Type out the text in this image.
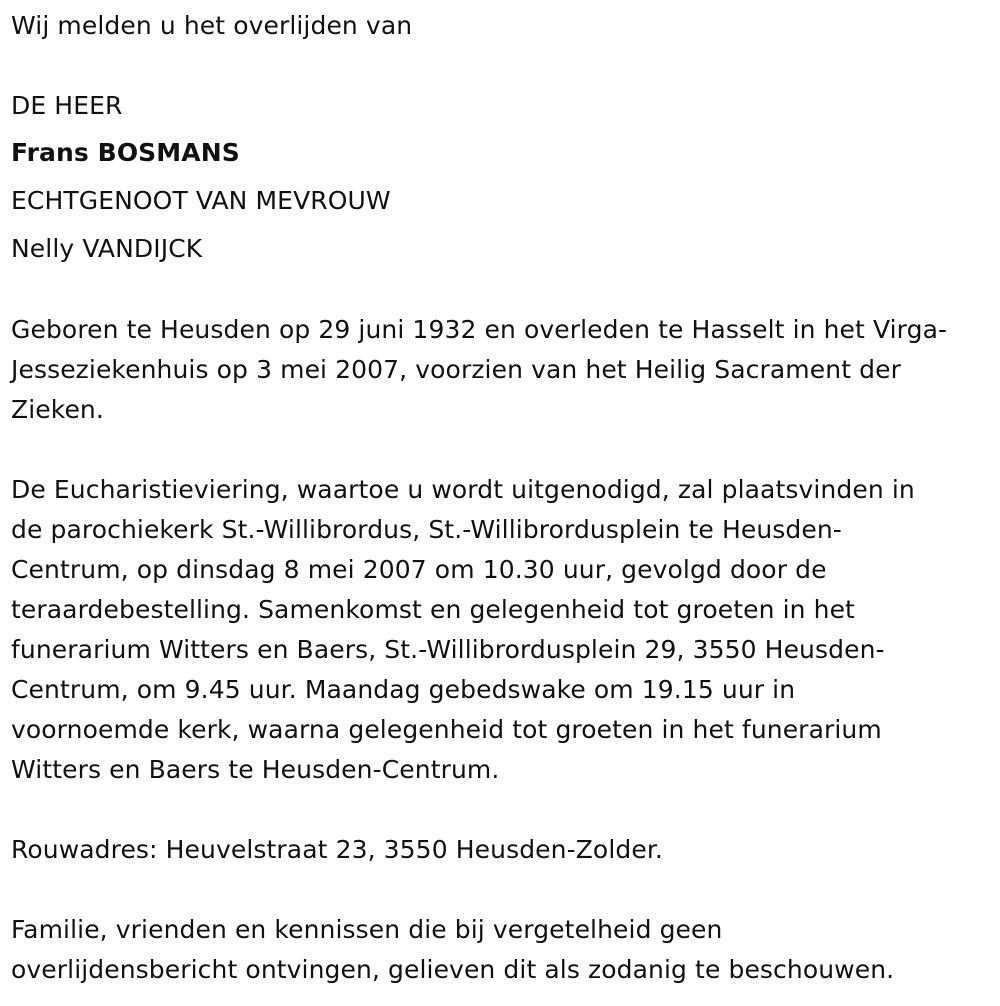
Wij melden u het overlijden van
DE HEER
Frans BOSMANS
ECHTGENOOT VAN MEVROUW
Nelly VANDIJCK
Geboren te Heusden op 29 juni 1932 en overleden te Hasselt in het Virga-
Jesseziekenhuis op 3 mei 2007, voorzien van het Heilig Sacrament der
Zieken.
De Eucharistieviering, waartoe u wordt uitgenodigd, zal plaatsvinden in
de parochiekerk St.-Willibrordus, St.-Willibrordusplein te Heusden-
Centrum, op dinsdag 8 mei 2007 om 10.30 uur, gevolgd door de
teraardebestelling. Samenkomst en gelegenheid tot groeten in het
funerarium Witters en Baers, St.-Willibrordusplein 29, 3550 Heusden-
Centrum, om 9.45 uur. Maandag gebedswake om 19.15 uur in
voornoemde kerk, waarna gelegenheid tot groeten in het funerarium
Witters en Baers te Heusden-Centrum.
Rouwadres: Heuvelstraat 23, 3550 Heusden-Zolder.
Familie, vrienden en kennissen die bij vergetelheid geen
overlijdensbericht ontvingen, gelieven dit als zodanig te beschouwen.
